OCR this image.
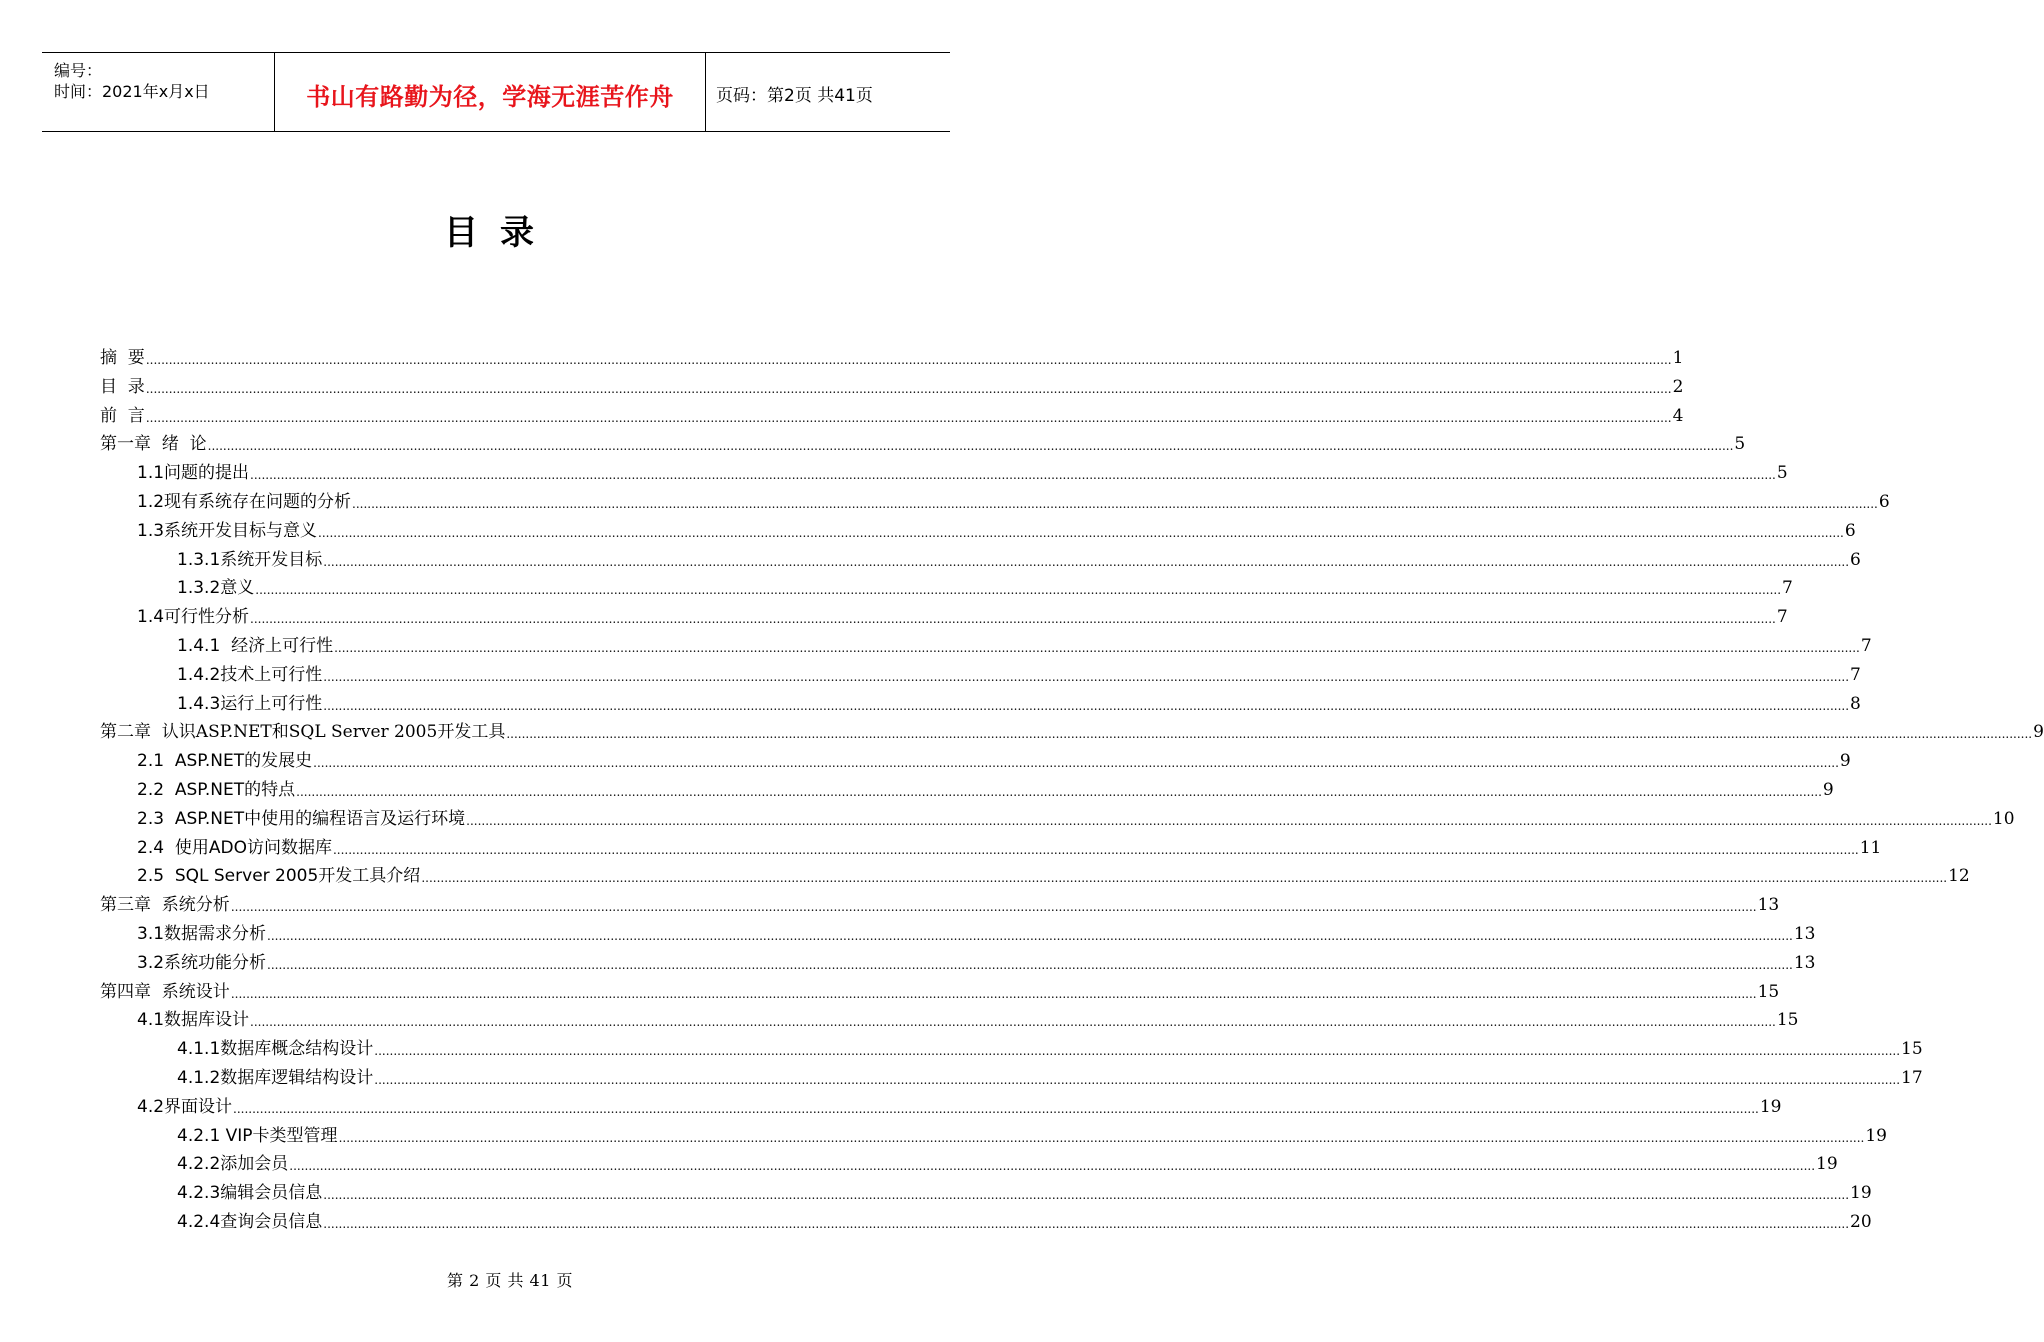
编号：
时间：2021年x月x日	书山有路勤为径，学海无涯苦作舟	页码：第2页 共41页
目录
摘  要 ................................................................................................................................................................................................................................................................................................................................................................................................................ 1
目  录 ................................................................................................................................................................................................................................................................................................................................................................................................................ 2
前  言 ................................................................................................................................................................................................................................................................................................................................................................................................................ 4
第一章  绪  论 ................................................................................................................................................................................................................................................................................................................................................................................................................ 5
1.1问题的提出 ................................................................................................................................................................................................................................................................................................................................................................................................................ 5
1.2现有系统存在问题的分析 ................................................................................................................................................................................................................................................................................................................................................................................................................ 6
1.3系统开发目标与意义 ................................................................................................................................................................................................................................................................................................................................................................................................................ 6
1.3.1系统开发目标 ................................................................................................................................................................................................................................................................................................................................................................................................................ 6
1.3.2意义 ................................................................................................................................................................................................................................................................................................................................................................................................................ 7
1.4可行性分析 ................................................................................................................................................................................................................................................................................................................................................................................................................ 7
1.4.1  经济上可行性 ................................................................................................................................................................................................................................................................................................................................................................................................................ 7
1.4.2技术上可行性 ................................................................................................................................................................................................................................................................................................................................................................................................................ 7
1.4.3运行上可行性 ................................................................................................................................................................................................................................................................................................................................................................................................................ 8
第二章  认识ASP.NET和SQL Server 2005开发工具 ................................................................................................................................................................................................................................................................................................................................................................................................................ 9
2.1  ASP.NET的发展史 ................................................................................................................................................................................................................................................................................................................................................................................................................ 9
2.2  ASP.NET的特点 ................................................................................................................................................................................................................................................................................................................................................................................................................ 9
2.3  ASP.NET中使用的编程语言及运行环境 ................................................................................................................................................................................................................................................................................................................................................................................................................ 10
2.4  使用ADO访问数据库 ................................................................................................................................................................................................................................................................................................................................................................................................................ 11
2.5  SQL Server 2005开发工具介绍 ................................................................................................................................................................................................................................................................................................................................................................................................................ 12
第三章  系统分析 ................................................................................................................................................................................................................................................................................................................................................................................................................ 13
3.1数据需求分析 ................................................................................................................................................................................................................................................................................................................................................................................................................ 13
3.2系统功能分析 ................................................................................................................................................................................................................................................................................................................................................................................................................ 13
第四章  系统设计 ................................................................................................................................................................................................................................................................................................................................................................................................................ 15
4.1数据库设计 ................................................................................................................................................................................................................................................................................................................................................................................................................ 15
4.1.1数据库概念结构设计 ................................................................................................................................................................................................................................................................................................................................................................................................................ 15
4.1.2数据库逻辑结构设计 ................................................................................................................................................................................................................................................................................................................................................................................................................ 17
4.2界面设计 ................................................................................................................................................................................................................................................................................................................................................................................................................ 19
4.2.1 VIP卡类型管理 ................................................................................................................................................................................................................................................................................................................................................................................................................ 19
4.2.2添加会员 ................................................................................................................................................................................................................................................................................................................................................................................................................ 19
4.2.3编辑会员信息 ................................................................................................................................................................................................................................................................................................................................................................................................................ 19
4.2.4查询会员信息 ................................................................................................................................................................................................................................................................................................................................................................................................................ 20
第 2 页 共 41 页
